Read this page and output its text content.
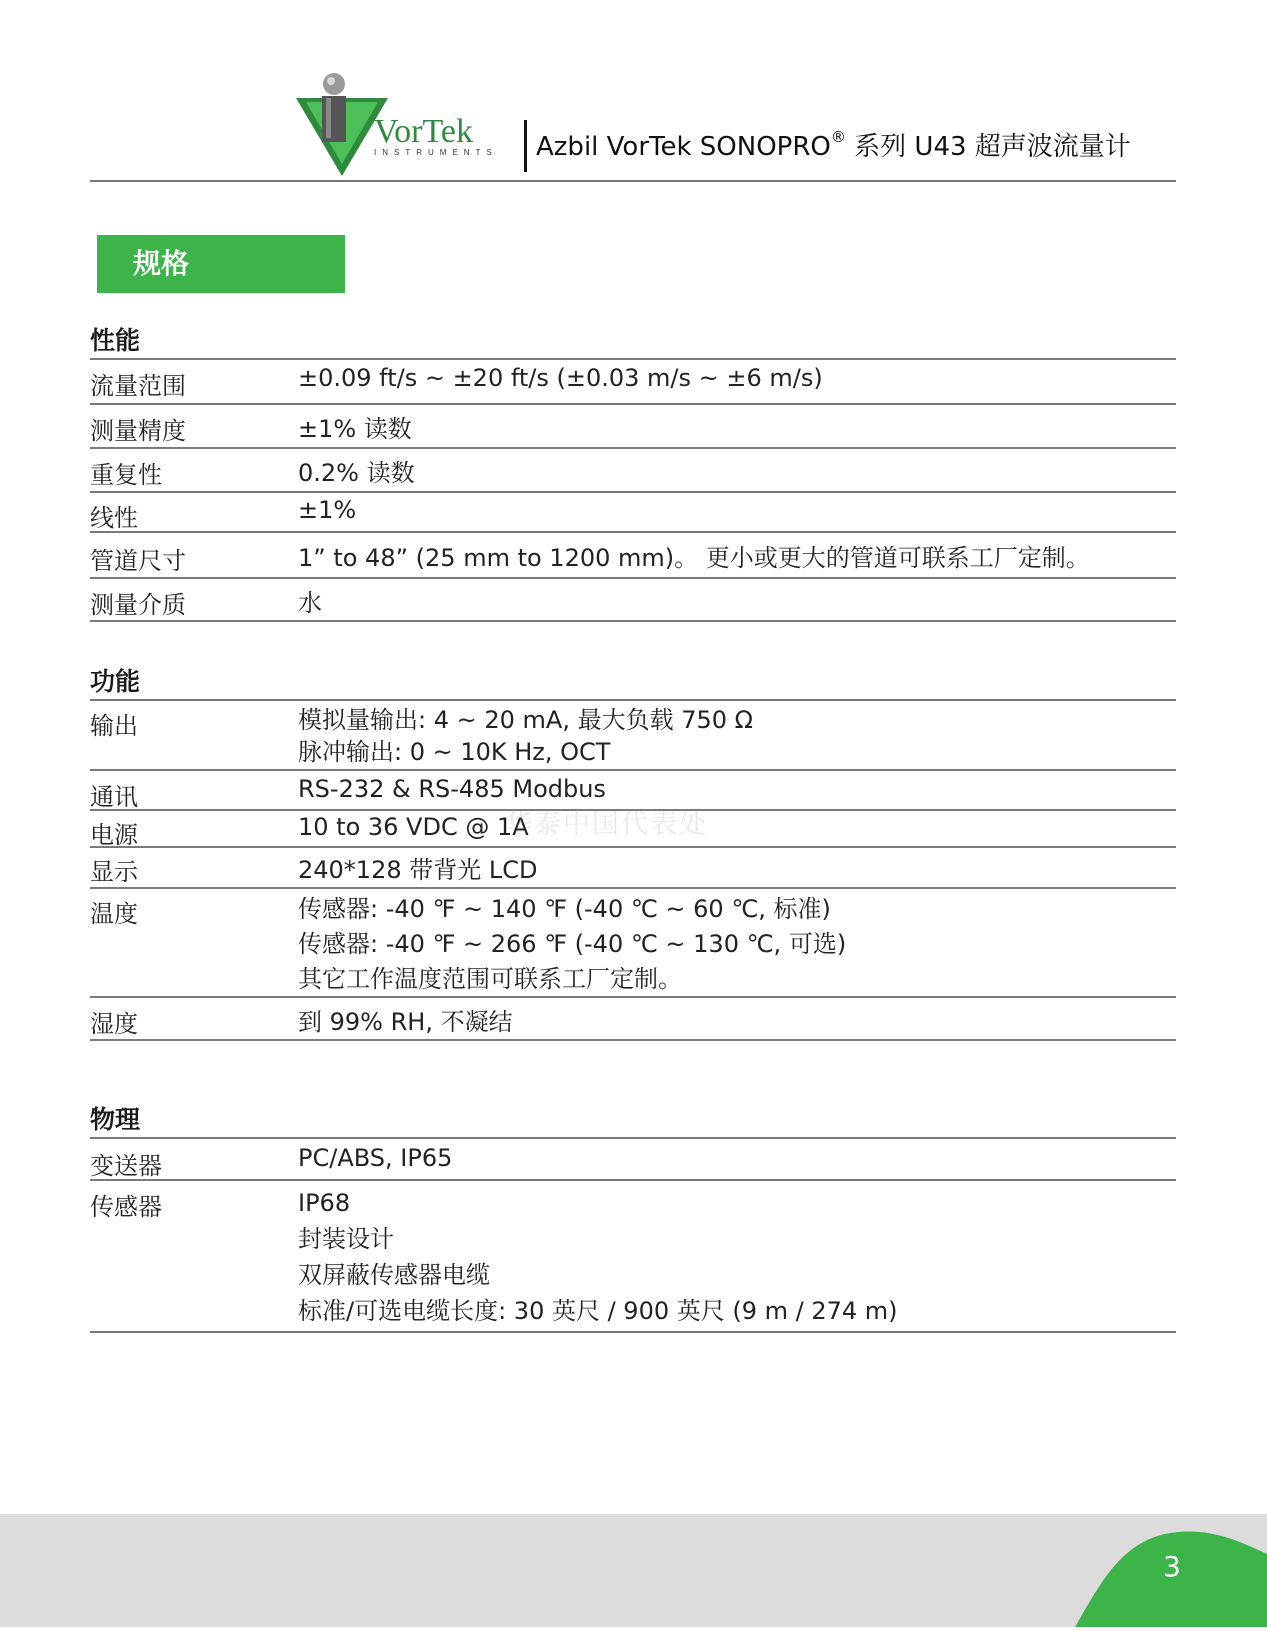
VorTek
INSTRUMENTS Azbil VorTek SONOPRO® 系列 U43 超声波流量计
规格
性能
流量范围	±0.09 ft/s ~ ±20 ft/s (±0.03 m/s ~ ±6 m/s)
测量精度	±1% 读数
重复性	0.2% 读数
线性	±1%
管道尺寸	1” to 48” (25 mm to 1200 mm)。 更小或更大的管道可联系工厂定制。
测量介质	水
功能
输出	模拟量输出: 4 ~ 20 mA, 最大负载 750 Ω
脉冲输出: 0 ~ 10K Hz, OCT
通讯	RS-232 & RS-485 Modbus
电源	10 to 36 VDC @ 1A
显示	240*128 带背光 LCD
温度	传感器: -40 ℉ ~ 140 ℉ (-40 ℃ ~ 60 ℃, 标准)
传感器: -40 ℉ ~ 266 ℉ (-40 ℃ ~ 130 ℃, 可选)
其它工作温度范围可联系工厂定制。
湿度	到 99% RH, 不凝结
物理
变送器	PC/ABS, IP65
传感器	IP68
封装设计
双屏蔽传感器电缆
标准/可选电缆长度: 30 英尺 / 900 英尺 (9 m / 274 m)
华泰中国代表处
3
